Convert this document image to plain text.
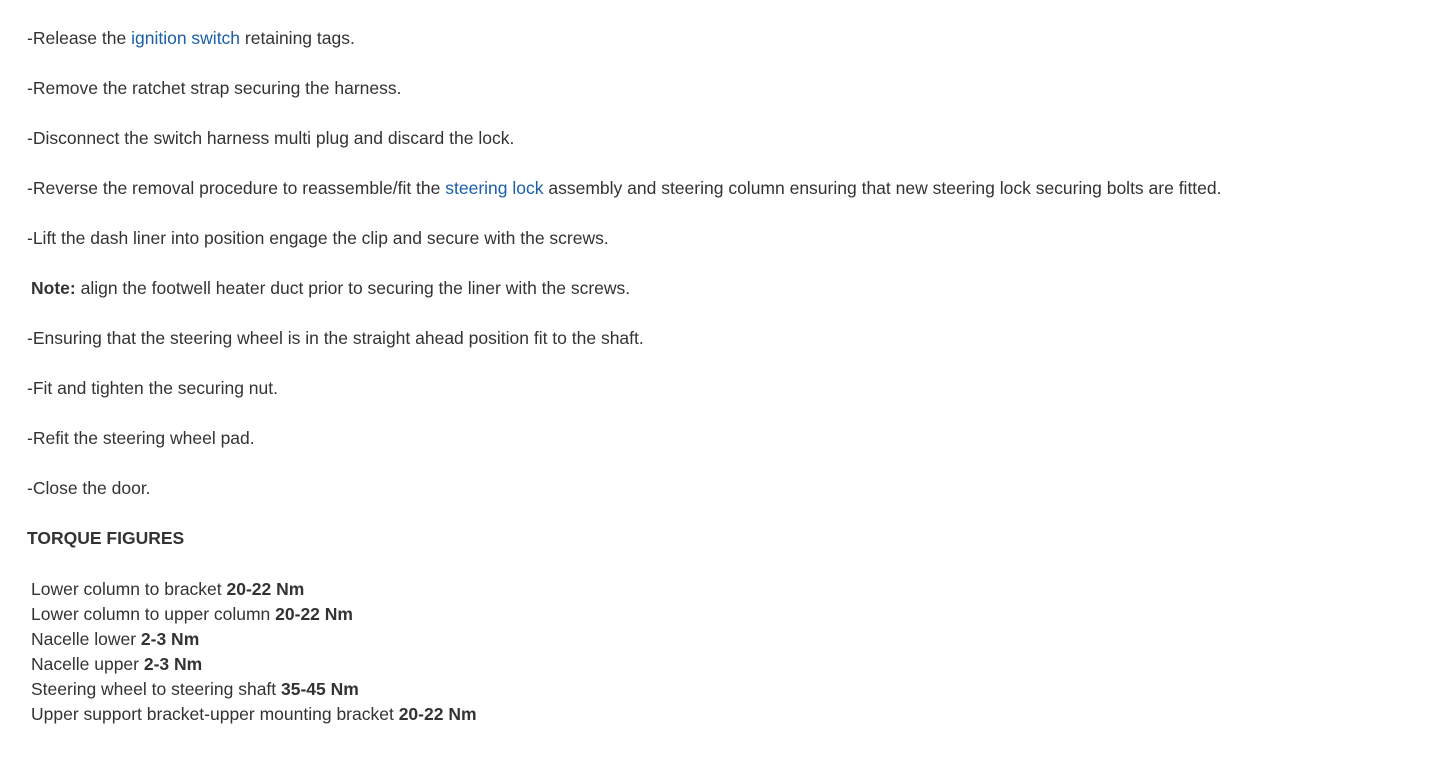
-Release the ignition switch retaining tags.

-Remove the ratchet strap securing the harness.

-Disconnect the switch harness multi plug and discard the lock.

-Reverse the removal procedure to reassemble/fit the steering lock assembly and steering column ensuring that new steering lock securing bolts are fitted.

-Lift the dash liner into position engage the clip and secure with the screws.

Note: align the footwell heater duct prior to securing the liner with the screws.

-Ensuring that the steering wheel is in the straight ahead position fit to the shaft.

-Fit and tighten the securing nut.

-Refit the steering wheel pad.

-Close the door.

TORQUE FIGURES

Lower column to bracket 20-22 Nm
Lower column to upper column 20-22 Nm
Nacelle lower 2-3 Nm
Nacelle upper 2-3 Nm
Steering wheel to steering shaft 35-45 Nm
Upper support bracket-upper mounting bracket 20-22 Nm
